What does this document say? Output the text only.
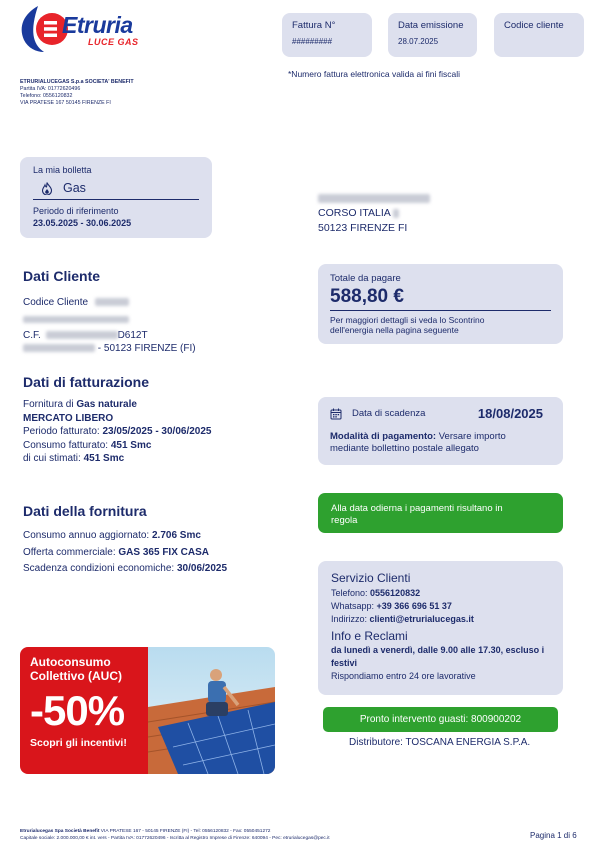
Etruria
LUCE GAS
ETRURIALUCEGAS S.p.a SOCIETA' BENEFIT
Partita IVA: 01772620496
Telefono: 0556120832
VIA PRATESE 167 50145 FIRENZE FI
Fattura N°
#########
Data emissione
28.07.2025
Codice cliente
*Numero fattura elettronica valida ai fini fiscali
La mia bolletta
Gas
Periodo di riferimento
23.05.2025 - 30.06.2025
CORSO ITALIA
50123 FIRENZE FI
Dati Cliente
Codice Cliente
C.F.	D612T
- 50123 FIRENZE (FI)
Totale da pagare
588,80 €
Per maggiori dettagli si veda lo Scontrino
dell'energia nella pagina seguente
Dati di fatturazione
Fornitura di Gas naturale
MERCATO LIBERO
Periodo fatturato: 23/05/2025 - 30/06/2025
Consumo fatturato: 451 Smc
di cui stimati: 451 Smc
Data di scadenza	18/08/2025
Modalità di pagamento: Versare importo
mediante bollettino postale allegato
Alla data odierna i pagamenti risultano in
regola
Dati della fornitura
Consumo annuo aggiornato: 2.706 Smc
Offerta commerciale: GAS 365 FIX CASA
Scadenza condizioni economiche: 30/06/2025
Servizio Clienti
Telefono: 0556120832
Whatsapp: +39 366 696 51 37
Indirizzo: clienti@etrurialucegas.it
Info e Reclami
da lunedì a venerdì, dalle 9.00 alle 17.30, escluso i
festivi
Rispondiamo entro 24 ore lavorative
Pronto intervento guasti: 800900202
Distributore: TOSCANA ENERGIA S.P.A.
Autoconsumo
Collettivo (AUC)
-50%
Scopri gli incentivi!
Etrurialucegas Spa Società Benefit VIA PRATESE 167 - 50145 FIRENZE (FI) - Tel: 0556120832 - Fax: 0550451272
Capitale sociale: 2.000.000,00 € int. vers - Partita IVA: 01772620496 - Iscritta al Registro Imprese di Firenze: 640094 - Pec: etrurialucegas@pec.it	Pagina 1 di 6
